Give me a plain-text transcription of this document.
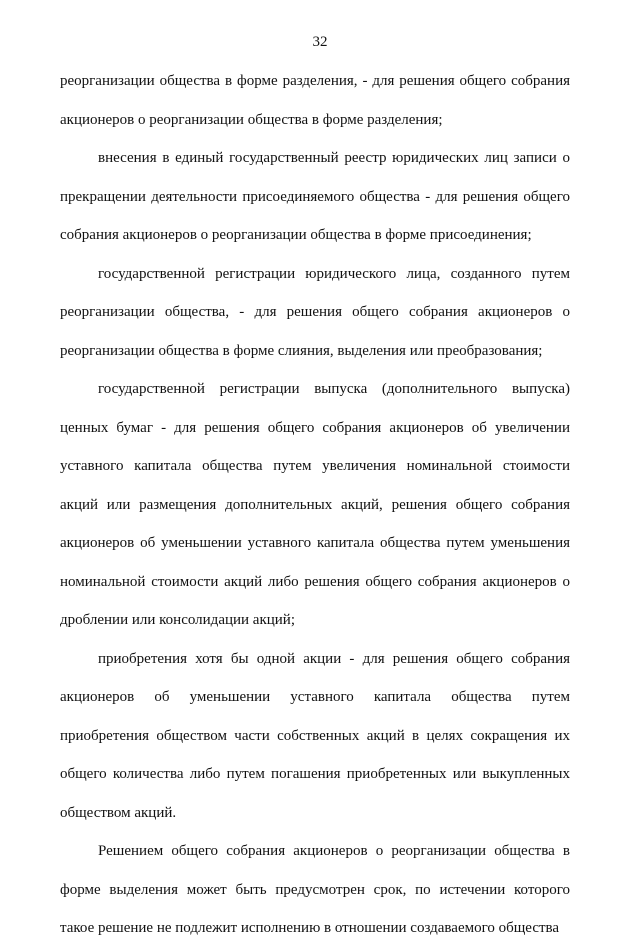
32
реорганизации общества в форме разделения, - для решения общего собрания
акционеров о реорганизации общества в форме разделения;
внесения в единый государственный реестр юридических лиц записи о
прекращении деятельности присоединяемого общества - для решения общего
собрания акционеров о реорганизации общества в форме присоединения;
государственной регистрации юридического лица, созданного путем
реорганизации общества, - для решения общего собрания акционеров о
реорганизации общества в форме слияния, выделения или преобразования;
государственной регистрации выпуска (дополнительного выпуска)
ценных бумаг - для решения общего собрания акционеров об увеличении
уставного капитала общества путем увеличения номинальной стоимости
акций или размещения дополнительных акций, решения общего собрания
акционеров об уменьшении уставного капитала общества путем уменьшения
номинальной стоимости акций либо решения общего собрания акционеров о
дроблении или консолидации акций;
приобретения хотя бы одной акции - для решения общего собрания
акционеров об уменьшении уставного капитала общества путем
приобретения обществом части собственных акций в целях сокращения их
общего количества либо путем погашения приобретенных или выкупленных
обществом акций.
Решением общего собрания акционеров о реорганизации общества в
форме выделения может быть предусмотрен срок, по истечении которого
такое решение не подлежит исполнению в отношении создаваемого общества
